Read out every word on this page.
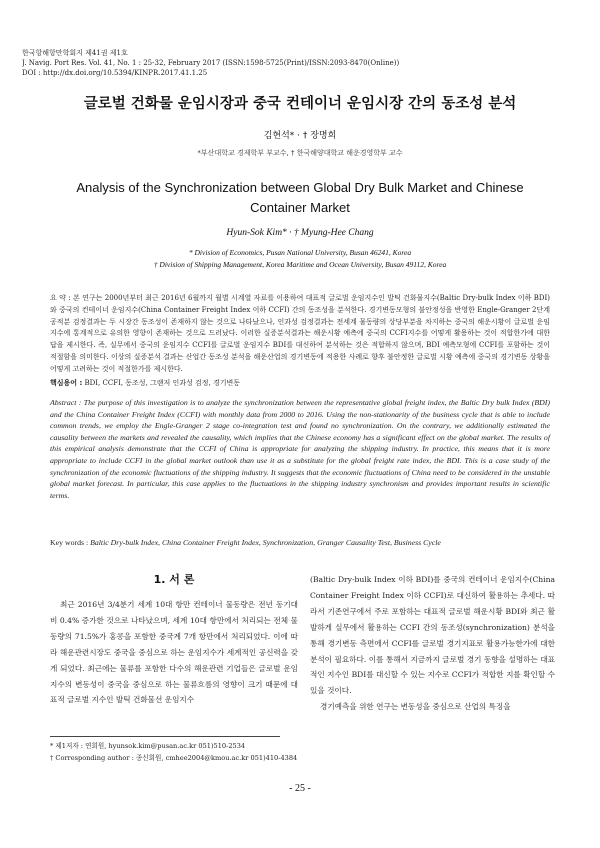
한국항해항만학회지 제41권 제1호
J. Navig. Port Res. Vol. 41, No. 1 : 25-32, February 2017 (ISSN:1598-5725(Print)/ISSN:2093-8470(Online))
DOI : http://dx.doi.org/10.5394/KINPR.2017.41.1.25
글로벌 건화물 운임시장과 중국 컨테이너 운임시장 간의 동조성 분석
김현석* · † 장명희
*부산대학교 경제학부 부교수, † 한국해양대학교 해운경영학부 교수
Analysis of the Synchronization between Global Dry Bulk Market and Chinese Container Market
Hyun-Sok Kim* · † Myung-Hee Chang
* Division of Economics, Pusan National University, Busan 46241, Korea
† Division of Shipping Management, Korea Maritime and Ocean University, Busan 49112, Korea
요 약 : 본 연구는 2000년부터 최근 2016년 6월까지 월별 시계열 자료를 이용하여 대표적 글로벌 운임지수인 발틱 건화물지수(Baltic Dry-bulk Index 이하 BDI)와 중국의 컨테이너 운임지수(China Container Freight Index 이하 CCFI) 간의 동조성을 분석한다. 경기변동모형의 불안정성을 반영한 Engle-Granger 2단계 공적분 검정결과는 두 시장간 동조성이 존재하지 않는 것으로 나타났으나, 인과성 검정결과는 전세계 물동량의 상당부분을 차지하는 중국의 해운시황이 글로벌 운임지수에 통계적으로 유의한 영향이 존재하는 것으로 드러났다. 이러한 실증분석결과는 해운시황 예측에 중국의 CCFI지수를 어떻게 활용하는 것이 적합한가에 대한 답을 제시한다. 즉, 실무에서 중국의 운임지수 CCFI를 글로벌 운임지수 BDI를 대신하여 분석하는 것은 적합하지 않으며, BDI 예측모형에 CCFI를 포함하는 것이 적절함을 의미한다. 이상의 실증분석 결과는 산업간 동조성 분석을 해운산업의 경기변동에 적용한 사례로 향후 불안정한 글로벌 시황 예측에 중국의 경기변동 상황을 어떻게 고려하는 것이 적절한가를 제시한다.
핵심용어 : BDI, CCFI, 동조성, 그랜저 인과성 검정, 경기변동
Abstract : The purpose of this investigation is to analyze the synchronization between the representative global freight index, the Baltic Dry bulk Index (BDI) and the China Container Freight Index (CCFI) with monthly data from 2000 to 2016. Using the non-stationarity of the business cycle that is able to include common trends, we employ the Engle-Granger 2 stage co-integration test and found no synchronization. On the contrary, we additionally estimated the causality between the markets and revealed the causality, which implies that the Chinese economy has a significant effect on the global market. The results of this empirical analysis demonstrate that the CCFI of China is appropriate for analyzing the shipping industry. In practice, this means that it is more appropriate to include CCFI in the global market outlook than use it as a substitute for the global freight rate index, the BDI. This is a case study of the synchronization of the economic fluctuations of the shipping industry. It suggests that the economic fluctuations of China need to be considered in the unstable global market forecast. In particular, this case applies to the fluctuations in the shipping industry synchronism and provides important results in scientific terms.
Key words : Baltic Dry-bulk Index, China Container Freight Index, Synchronization, Granger Causality Test, Business Cycle
1. 서 론
최근 2016년 3/4분기 세계 10대 항만 컨테이너 물동량은 전년 동기대비 0.4% 증가한 것으로 나타났으며, 세계 10대 항만에서 처리되는 전체 물동량의 71.5%가 홍콩을 포함한 중국계 7개 항만에서 처리되었다. 이에 따라 해운관련시장도 중국을 중심으로 하는 운임지수가 세계적인 공신력을 갖게 되었다. 최근에는 물류를 포함한 다수의 해운관련 기업들은 글로벌 운임지수의 변동성이 중국을 중심으로 하는 물류흐름의 영향이 크기 때문에 대표적 글로벌 지수인 발틱 건화물선 운임지수
(Baltic Dry-bulk Index 이하 BDI)를 중국의 컨테이너 운임지수(China Container Freight Index 이하 CCFI)로 대신하여 활용하는 추세다. 따라서 기존연구에서 주로 포함하는 대표적 글로벌 해운시황 BDI와 최근 활발하게 실무에서 활용하는 CCFI 간의 동조성(synchronization) 분석을 통해 경기변동 측면에서 CCFI를 글로벌 경기지표로 활용가능한가에 대한 분석이 필요하다. 이를 통해서 지금까지 글로벌 경기 동향을 설명하는 대표적인 지수인 BDI를 대신할 수 있는 지수로 CCFI가 적합한 지를 확인할 수 있을 것이다.
경기예측을 위한 연구는 변동성을 중심으로 산업의 특징을
* 제1저자 : 연회원, hyunsok.kim@pusan.ac.kr 051)510-2534
† Corresponding author : 종신회원, cmhee2004@kmou.ac.kr 051)410-4384
- 25 -
